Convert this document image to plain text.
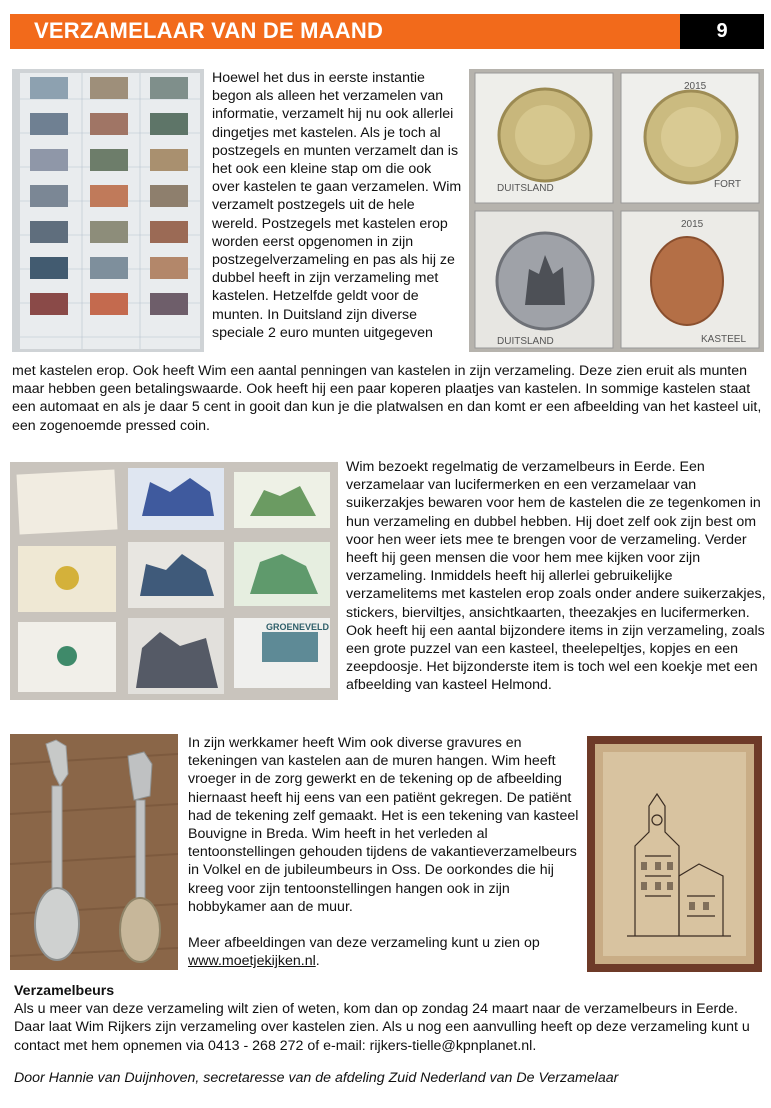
VERZAMELAAR VAN DE MAAND	9
DUITSLAND	FORT
DUITSLAND	KASTEEL
2015
2015

Hoewel het dus in eerste instantie begon als alleen het verzamelen van informatie, verzamelt hij nu ook allerlei dingetjes met kastelen. Als je toch al postzegels en munten verzamelt dan is het ook een kleine stap om die ook over kastelen te gaan verzamelen. Wim verzamelt postzegels uit de hele wereld. Postzegels met kastelen erop worden eerst opgenomen in zijn postzegelverzameling en pas als hij ze dubbel heeft in zijn verzameling met kastelen. Hetzelfde geldt voor de munten. In Duitsland zijn diverse speciale 2 euro munten uitgegeven

met kastelen erop. Ook heeft Wim een aantal penningen van kastelen in zijn verzameling. Deze zien eruit als munten maar hebben geen betalingswaarde. Ook heeft hij een paar koperen plaatjes van kastelen. In sommige kastelen staat een automaat en als je daar 5 cent in gooit dan kun je die platwalsen en dan komt er een afbeelding van het kasteel uit, een zogenoemde pressed coin.

GROENEVELD

Wim bezoekt regelmatig de verzamelbeurs in Eerde. Een verzamelaar van lucifermerken en een verzamelaar van suikerzakjes bewaren voor hem de kastelen die ze tegenkomen in hun verzameling en dubbel hebben. Hij doet zelf ook zijn best om voor hen weer iets mee te brengen voor de verzameling. Verder heeft hij geen mensen die voor hem mee kijken voor zijn verzameling. Inmiddels heeft hij allerlei gebruikelijke verzamelitems met kastelen erop zoals onder andere suikerzakjes, stickers, bierviltjes, ansichtkaarten, theezakjes en lucifermerken. Ook heeft hij een aantal bijzondere items in zijn verzameling, zoals een grote puzzel van een kasteel, theelepeltjes, kopjes en een zeepdoosje. Het bijzonderste item is toch wel een koekje met een afbeelding van kasteel Helmond.

In zijn werkkamer heeft Wim ook diverse gravures en tekeningen van kastelen aan de muren hangen. Wim heeft vroeger in de zorg gewerkt en de tekening op de afbeelding hiernaast heeft hij eens van een patiënt gekregen. De patiënt had de tekening zelf gemaakt. Het is een tekening van kasteel Bouvigne in Breda. Wim heeft in het verleden al tentoonstellingen gehouden tijdens de vakantieverzamelbeurs in Volkel en de jubileumbeurs in Oss. De oorkondes die hij kreeg voor zijn tentoonstellingen hangen ook in zijn hobbykamer aan de muur.

Meer afbeeldingen van deze verzameling kunt u zien op www.moetjekijken.nl.

Verzamelbeurs

Als u meer van deze verzameling wilt zien of weten, kom dan op zondag 24 maart naar de verzamelbeurs in Eerde. Daar laat Wim Rijkers zijn verzameling over kastelen zien. Als u nog een aanvulling heeft op deze verzameling kunt u contact met hem opnemen via 0413 - 268 272 of e-mail: rijkers-tielle@kpnplanet.nl.

Door Hannie van Duijnhoven, secretaresse van de afdeling Zuid Nederland van De Verzamelaar
